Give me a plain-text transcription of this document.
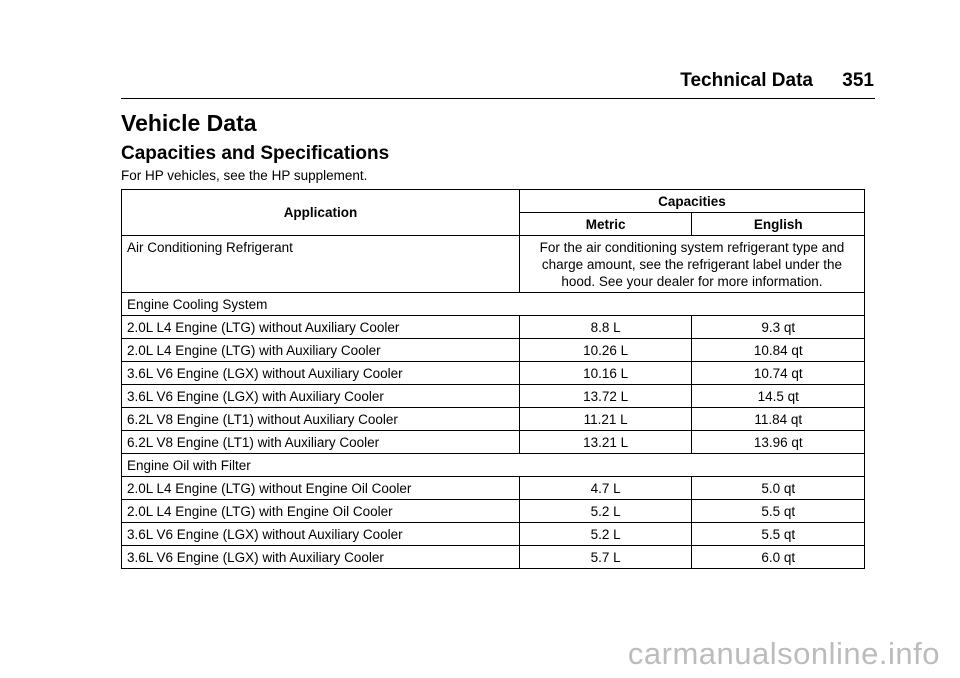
Technical Data 351
Vehicle Data
Capacities and Specifications
For HP vehicles, see the HP supplement.
Application	Capacities	
	Metric	English
Air Conditioning Refrigerant	For the air conditioning system refrigerant type and charge amount, see the refrigerant label under the hood. See your dealer for more information.	
Engine Cooling System		
2.0L L4 Engine (LTG) without Auxiliary Cooler	8.8 L	9.3 qt
2.0L L4 Engine (LTG) with Auxiliary Cooler	10.26 L	10.84 qt
3.6L V6 Engine (LGX) without Auxiliary Cooler	10.16 L	10.74 qt
3.6L V6 Engine (LGX) with Auxiliary Cooler	13.72 L	14.5 qt
6.2L V8 Engine (LT1) without Auxiliary Cooler	11.21 L	11.84 qt
6.2L V8 Engine (LT1) with Auxiliary Cooler	13.21 L	13.96 qt
Engine Oil with Filter		
2.0L L4 Engine (LTG) without Engine Oil Cooler	4.7 L	5.0 qt
2.0L L4 Engine (LTG) with Engine Oil Cooler	5.2 L	5.5 qt
3.6L V6 Engine (LGX) without Auxiliary Cooler	5.2 L	5.5 qt
3.6L V6 Engine (LGX) with Auxiliary Cooler	5.7 L	6.0 qt
carmanualsonline.info
